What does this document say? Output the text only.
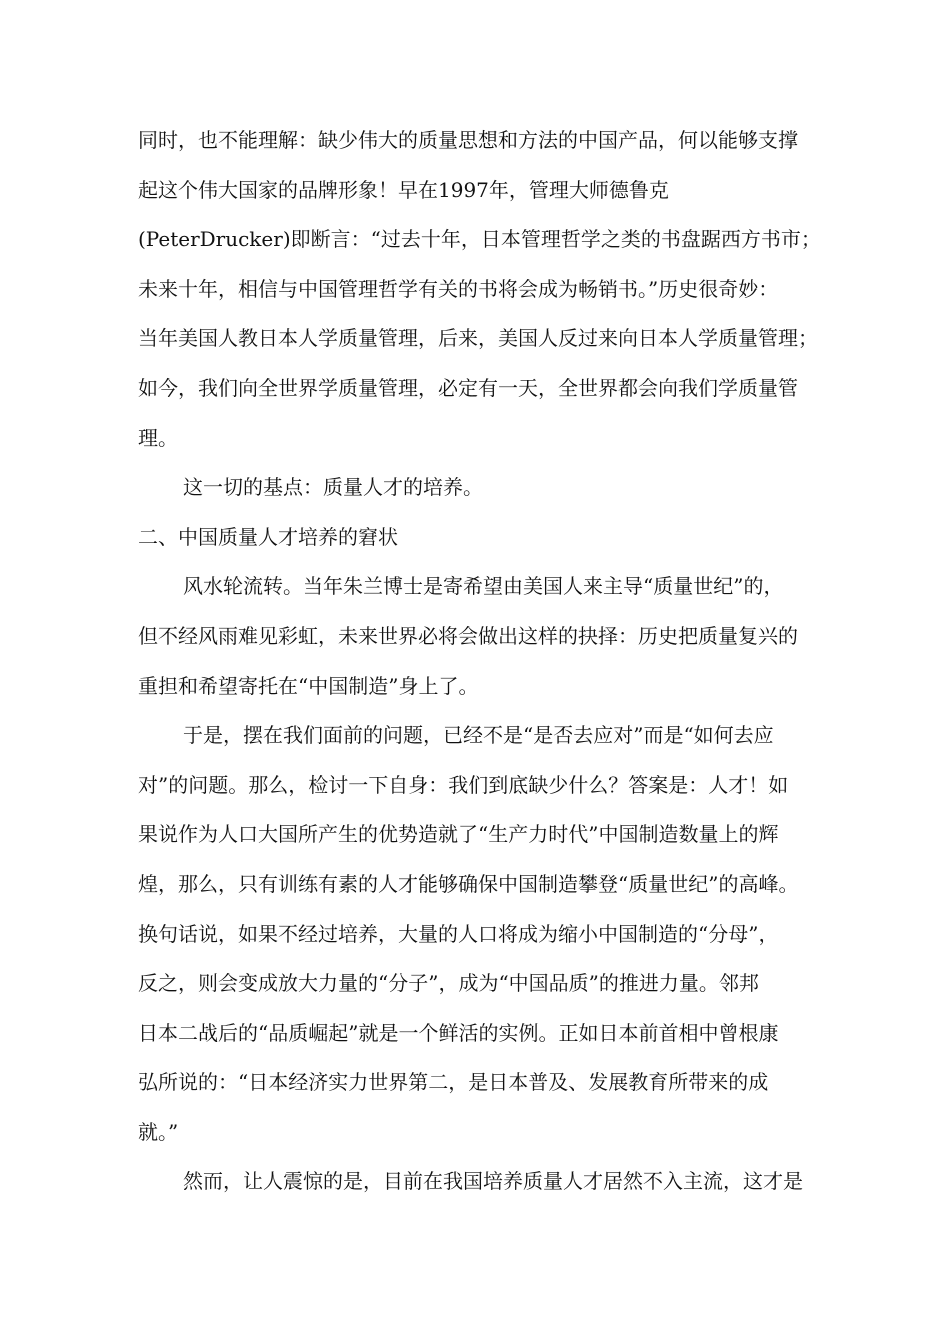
同时，也不能理解：缺少伟大的质量思想和方法的中国产品，何以能够支撑
起这个伟大国家的品牌形象！早在1997年，管理大师德鲁克
(PeterDrucker)即断言：“过去十年，日本管理哲学之类的书盘踞西方书市；
未来十年，相信与中国管理哲学有关的书将会成为畅销书。”历史很奇妙：
当年美国人教日本人学质量管理，后来，美国人反过来向日本人学质量管理；
如今，我们向全世界学质量管理，必定有一天，全世界都会向我们学质量管
理。
这一切的基点：质量人才的培养。
二、中国质量人才培养的窘状
风水轮流转。当年朱兰博士是寄希望由美国人来主导“质量世纪”的，
但不经风雨难见彩虹，未来世界必将会做出这样的抉择：历史把质量复兴的
重担和希望寄托在“中国制造”身上了。
于是，摆在我们面前的问题，已经不是“是否去应对”而是“如何去应
对”的问题。那么，检讨一下自身：我们到底缺少什么？答案是：人才！如
果说作为人口大国所产生的优势造就了“生产力时代”中国制造数量上的辉
煌，那么，只有训练有素的人才能够确保中国制造攀登“质量世纪”的高峰。
换句话说，如果不经过培养，大量的人口将成为缩小中国制造的“分母”，
反之，则会变成放大力量的“分子”，成为“中国品质”的推进力量。邻邦
日本二战后的“品质崛起”就是一个鲜活的实例。正如日本前首相中曾根康
弘所说的：“日本经济实力世界第二，是日本普及、发展教育所带来的成
就。”
然而，让人震惊的是，目前在我国培养质量人才居然不入主流，这才是
